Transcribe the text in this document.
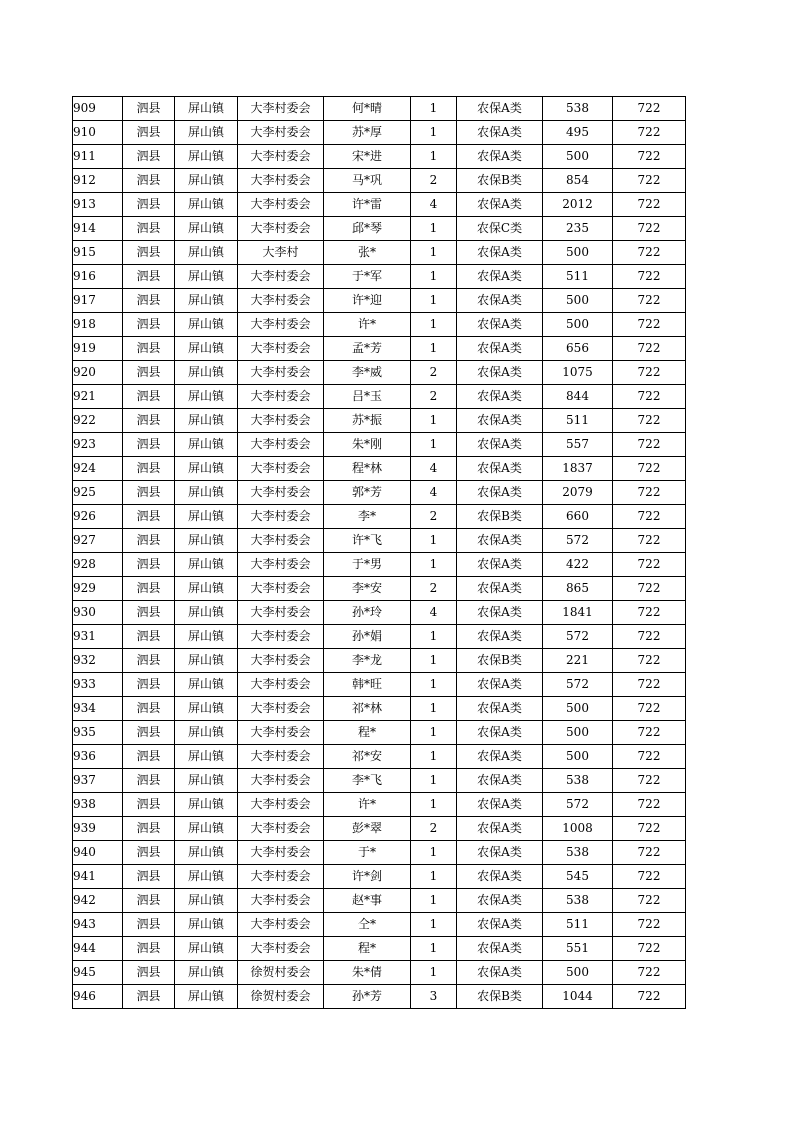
909	泗县	屏山镇	大李村委会	何*晴	1	农保A类	538	722
910	泗县	屏山镇	大李村委会	苏*厚	1	农保A类	495	722
911	泗县	屏山镇	大李村委会	宋*进	1	农保A类	500	722
912	泗县	屏山镇	大李村委会	马*巩	2	农保B类	854	722
913	泗县	屏山镇	大李村委会	许*雷	4	农保A类	2012	722
914	泗县	屏山镇	大李村委会	邱*琴	1	农保C类	235	722
915	泗县	屏山镇	大李村	张*	1	农保A类	500	722
916	泗县	屏山镇	大李村委会	于*军	1	农保A类	511	722
917	泗县	屏山镇	大李村委会	许*迎	1	农保A类	500	722
918	泗县	屏山镇	大李村委会	许*	1	农保A类	500	722
919	泗县	屏山镇	大李村委会	孟*芳	1	农保A类	656	722
920	泗县	屏山镇	大李村委会	李*威	2	农保A类	1075	722
921	泗县	屏山镇	大李村委会	吕*玉	2	农保A类	844	722
922	泗县	屏山镇	大李村委会	苏*振	1	农保A类	511	722
923	泗县	屏山镇	大李村委会	朱*刚	1	农保A类	557	722
924	泗县	屏山镇	大李村委会	程*林	4	农保A类	1837	722
925	泗县	屏山镇	大李村委会	郭*芳	4	农保A类	2079	722
926	泗县	屏山镇	大李村委会	李*	2	农保B类	660	722
927	泗县	屏山镇	大李村委会	许*飞	1	农保A类	572	722
928	泗县	屏山镇	大李村委会	于*男	1	农保A类	422	722
929	泗县	屏山镇	大李村委会	李*安	2	农保A类	865	722
930	泗县	屏山镇	大李村委会	孙*玲	4	农保A类	1841	722
931	泗县	屏山镇	大李村委会	孙*娟	1	农保A类	572	722
932	泗县	屏山镇	大李村委会	李*龙	1	农保B类	221	722
933	泗县	屏山镇	大李村委会	韩*旺	1	农保A类	572	722
934	泗县	屏山镇	大李村委会	祁*林	1	农保A类	500	722
935	泗县	屏山镇	大李村委会	程*	1	农保A类	500	722
936	泗县	屏山镇	大李村委会	祁*安	1	农保A类	500	722
937	泗县	屏山镇	大李村委会	李*飞	1	农保A类	538	722
938	泗县	屏山镇	大李村委会	许*	1	农保A类	572	722
939	泗县	屏山镇	大李村委会	彭*翠	2	农保A类	1008	722
940	泗县	屏山镇	大李村委会	于*	1	农保A类	538	722
941	泗县	屏山镇	大李村委会	许*剑	1	农保A类	545	722
942	泗县	屏山镇	大李村委会	赵*事	1	农保A类	538	722
943	泗县	屏山镇	大李村委会	仝*	1	农保A类	511	722
944	泗县	屏山镇	大李村委会	程*	1	农保A类	551	722
945	泗县	屏山镇	徐贺村委会	朱*倩	1	农保A类	500	722
946	泗县	屏山镇	徐贺村委会	孙*芳	3	农保B类	1044	722
